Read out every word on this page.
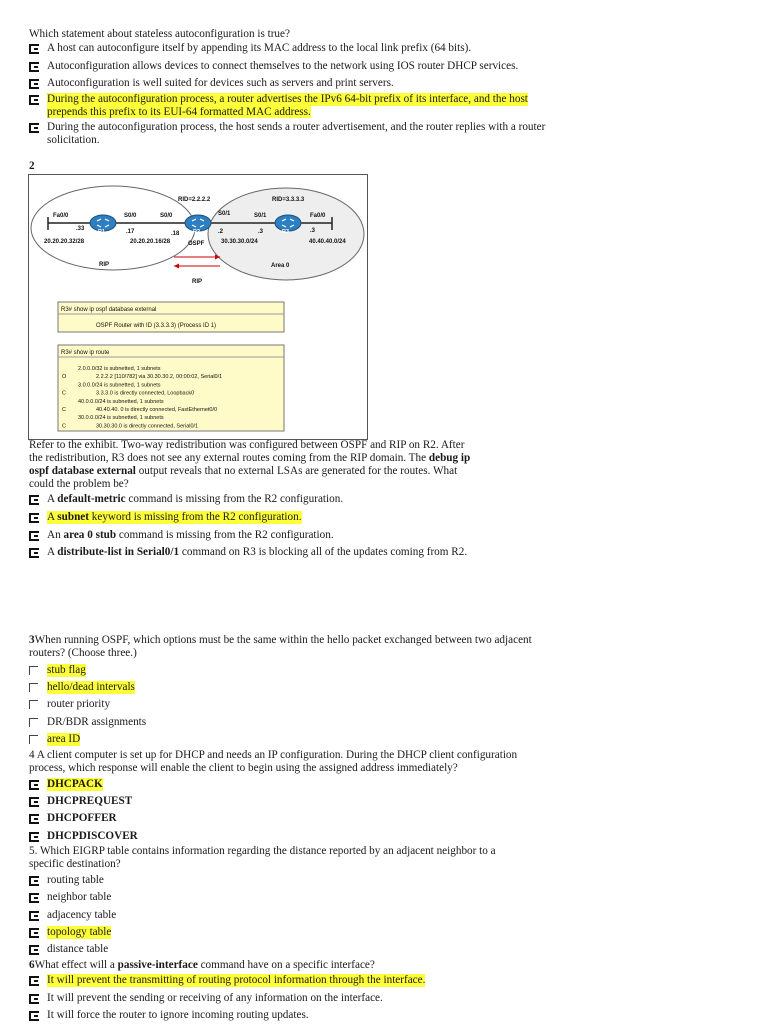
Which statement about stateless autoconfiguration is true?
A host can autoconfigure itself by appending its MAC address to the local link prefix (64 bits).
Autoconfiguration allows devices to connect themselves to the network using IOS router DHCP services.
Autoconfiguration is well suited for devices such as servers and print servers.
During the autoconfiguration process, a router advertises the IPv6 64-bit prefix of its interface, and the host
prepends this prefix to its EUI-64 formatted MAC address.
During the autoconfiguration process, the host sends a router advertisement, and the router replies with a router
solicitation.
2
RID=2.2.2.2	RID=3.3.3.3
Fa0/0	S0/0	S0/0	S0/1	S0/1	Fa0/0
.33	.17	.18	.2	.3	.3
20.20.20.32/28	20.20.20.16/28	30.30.30.0/24	40.40.40.0/24
RIP
RIP
OSPF
Area 0
R1	R2	R3
R3# show ip ospf database external
OSPF Router with ID (3.3.3.3) (Process ID 1)
R3# show ip route
2.0.0.0/32 is subnetted, 1 subnets
O	2.2.2.2 [110/782] via 30.30.30.2, 00:00:02, Serial0/1
3.0.0.0/24 is subnetted, 1 subnets
C	3.3.3.0 is directly connected, Loopback0
40.0.0.0/24 is subnetted, 1 subnets
C	40.40.40. 0 is directly connected, FastEthernet0/0
30.0.0.0/24 is subnetted, 1 subnets
C	30.30.30.0 is directly connected, Serial0/1
Refer to the exhibit. Two-way redistribution was configured between OSPF and RIP on R2. After
the redistribution, R3 does not see any external routes coming from the RIP domain. The debug ip
ospf database external output reveals that no external LSAs are generated for the routes. What
could the problem be?
A default-metric command is missing from the R2 configuration.
A subnet keyword is missing from the R2 configuration.
An area 0 stub command is missing from the R2 configuration.
A distribute-list in Serial0/1 command on R3 is blocking all of the updates coming from R2.
3When running OSPF, which options must be the same within the hello packet exchanged between two adjacent
routers? (Choose three.)
stub flag
hello/dead intervals
router priority
DR/BDR assignments
area ID
4 A client computer is set up for DHCP and needs an IP configuration. During the DHCP client configuration
process, which response will enable the client to begin using the assigned address immediately?
DHCPACK
DHCPREQUEST
DHCPOFFER
DHCPDISCOVER
5. Which EIGRP table contains information regarding the distance reported by an adjacent neighbor to a
specific destination?
routing table
neighbor table
adjacency table
topology table
distance table
6What effect will a passive-interface command have on a specific interface?
It will prevent the transmitting of routing protocol information through the interface.
It will prevent the sending or receiving of any information on the interface.
It will force the router to ignore incoming routing updates.
